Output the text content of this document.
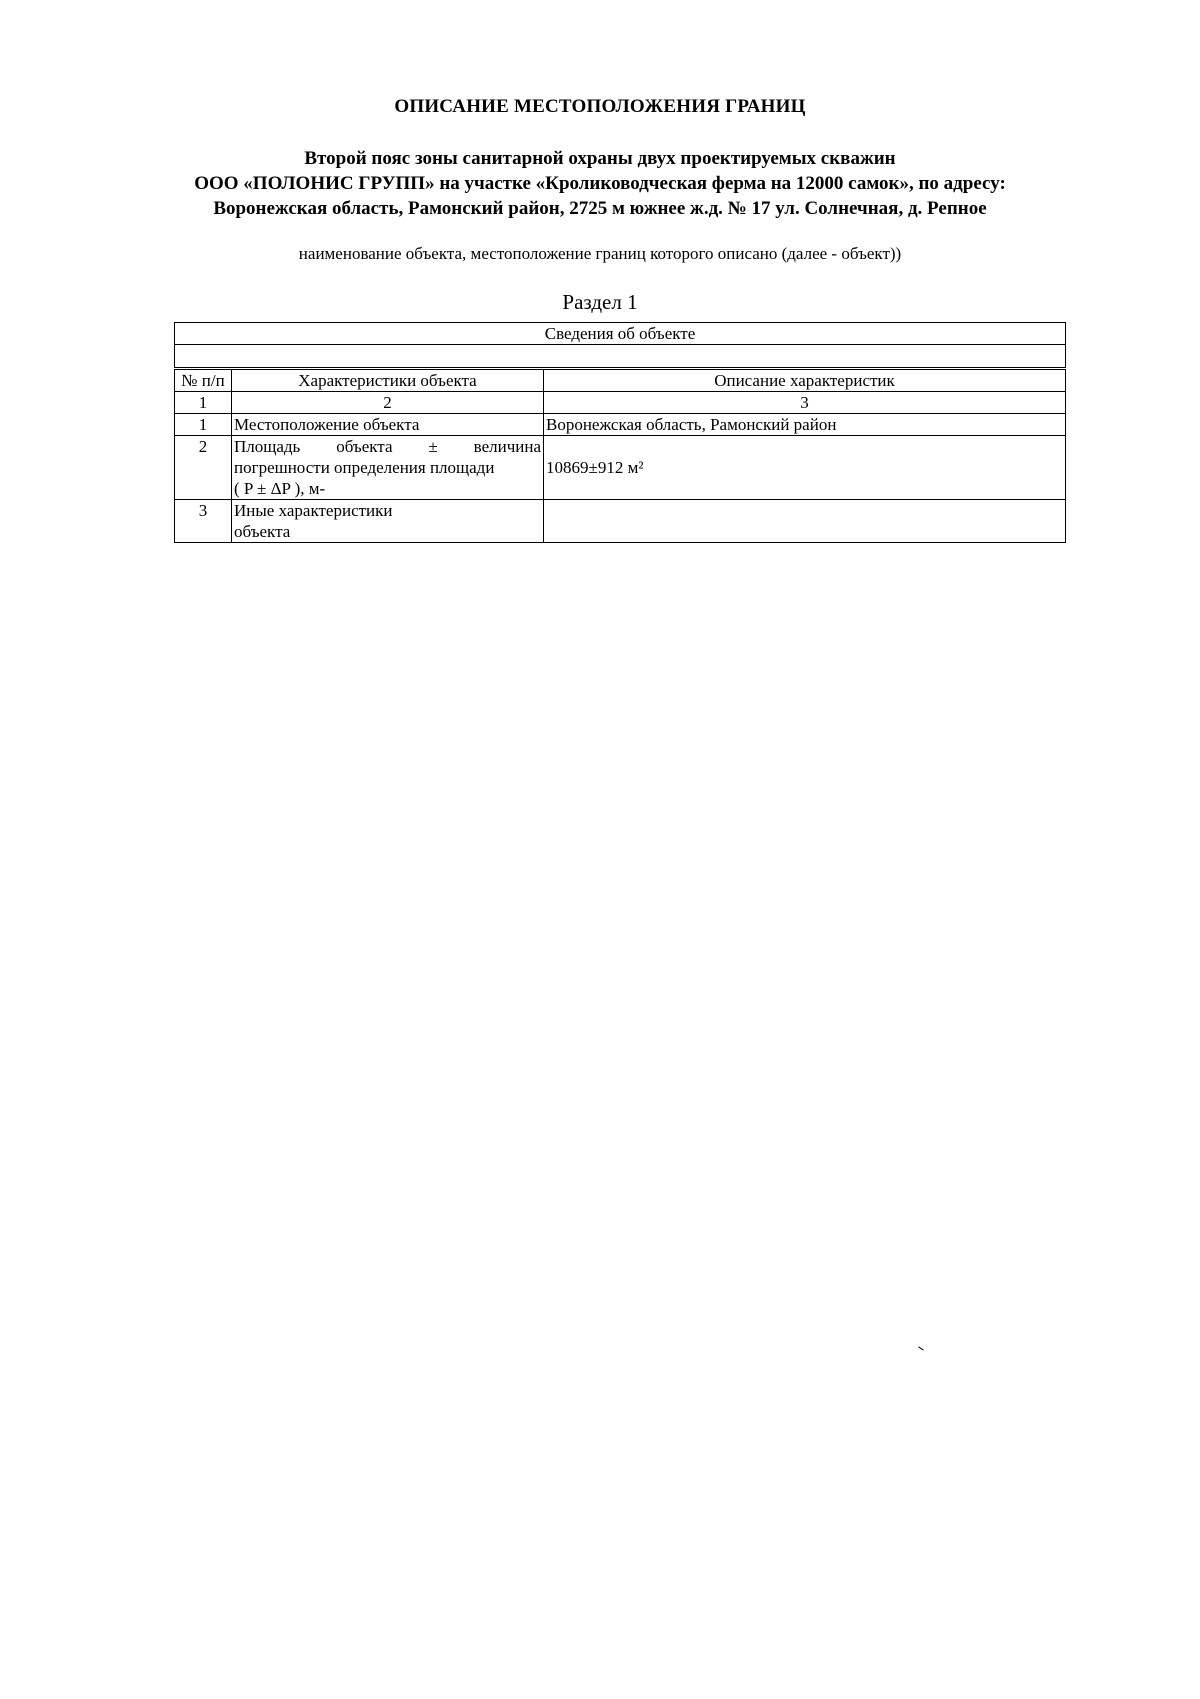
ОПИСАНИЕ МЕСТОПОЛОЖЕНИЯ ГРАНИЦ
Второй пояс зоны санитарной охраны двух проектируемых скважин
ООО «ПОЛОНИС ГРУПП» на участке «Кролиководческая ферма на 12000 самок», по адресу:
Воронежская область, Рамонский район, 2725 м южнее ж.д. № 17 ул. Солнечная, д. Репное
наименование объекта, местоположение границ которого описано (далее - объект))
Раздел 1
Сведения об объекте		

№ п/п	Характеристики объекта	Описание характеристик
1	2	3
1	Местоположение объекта	Воронежская область, Рамонский район
2	Площадь объекта ± величина
погрешности определения площади
( P ± ΔP ), м-	10869±912 м²
3	Иные характеристики
объекта	
